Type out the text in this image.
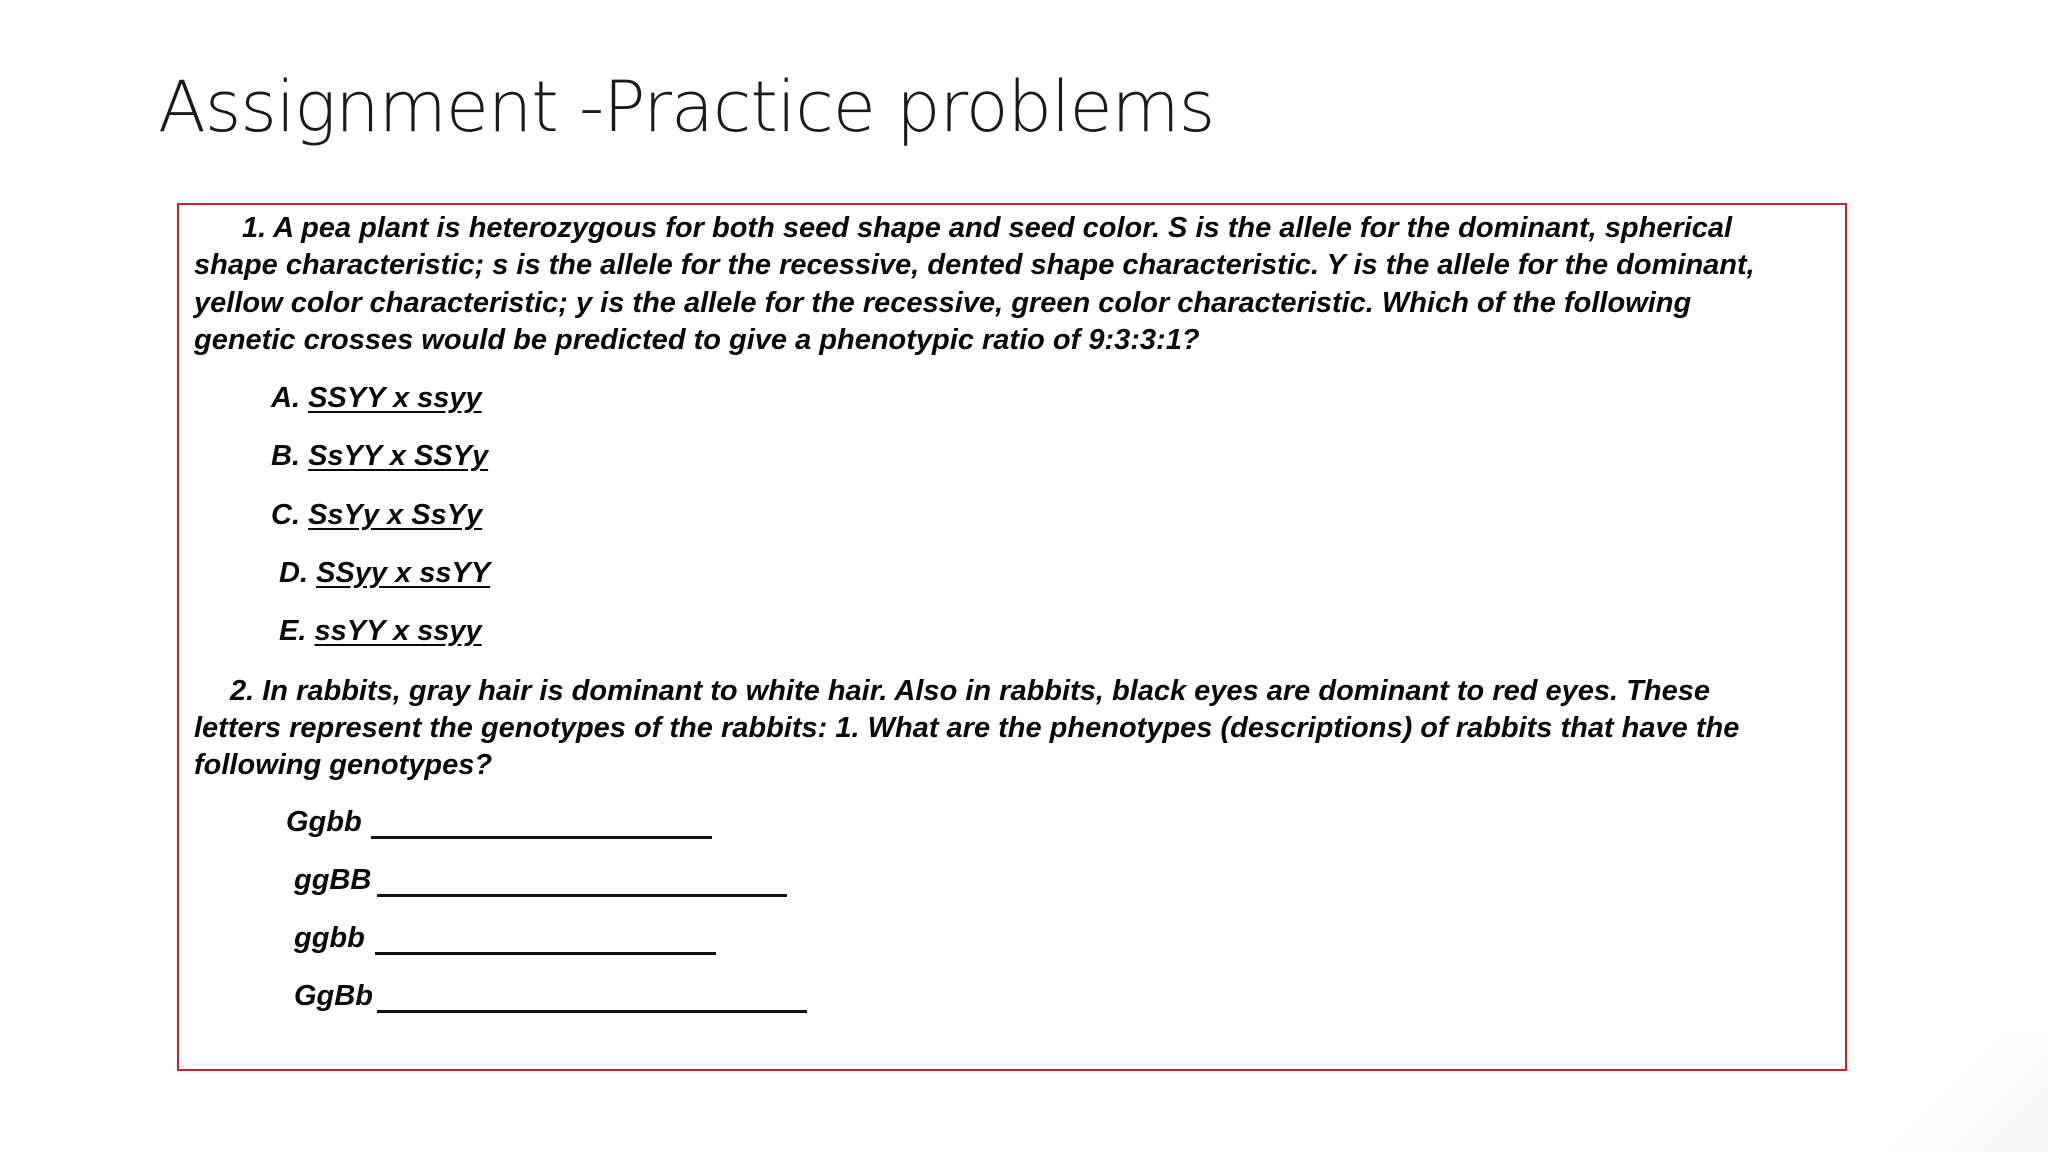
Assignment -Practice problems

1. A pea plant is heterozygous for both seed shape and seed color. S is the allele for the dominant, spherical

shape characteristic; s is the allele for the recessive, dented shape characteristic. Y is the allele for the dominant,

yellow color characteristic; y is the allele for the recessive, green color characteristic. Which of the following

genetic crosses would be predicted to give a phenotypic ratio of 9:3:3:1?

A. SSYY x ssyy
B. SsYY x SSYy
C. SsYy x SsYy
D. SSyy x ssYY
E. ssYY x ssyy

2. In rabbits, gray hair is dominant to white hair. Also in rabbits, black eyes are dominant to red eyes. These

letters represent the genotypes of the rabbits: 1. What are the phenotypes (descriptions) of rabbits that have the

following genotypes?

Ggbb
ggBB
ggbb
GgBb
